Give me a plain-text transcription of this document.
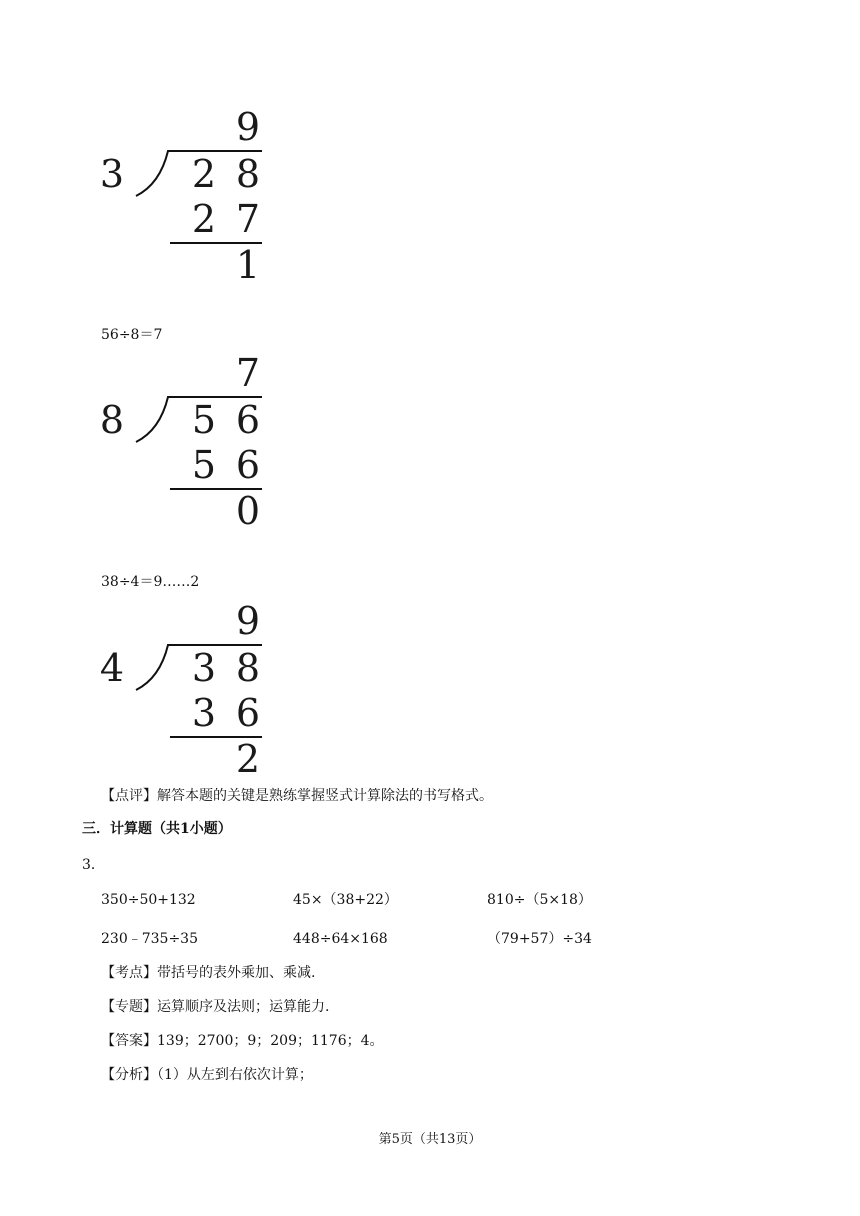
3
9
2 8
2 7
1
56÷8＝7
8
7
5 6
5 6
0
38÷4＝9……2
4
9
3 8
3 6
2
【点评】解答本题的关键是熟练掌握竖式计算除法的书写格式。
三．计算题（共1小题）
3．
350÷50+132	45×（38+22）	810÷（5×18）
230﹣735÷35	448÷64×168	（79+57）÷34
【考点】带括号的表外乘加、乘减.
【专题】运算顺序及法则；运算能力.
【答案】139；2700；9；209；1176；4。
【分析】（1）从左到右依次计算；
第5页（共13页）
